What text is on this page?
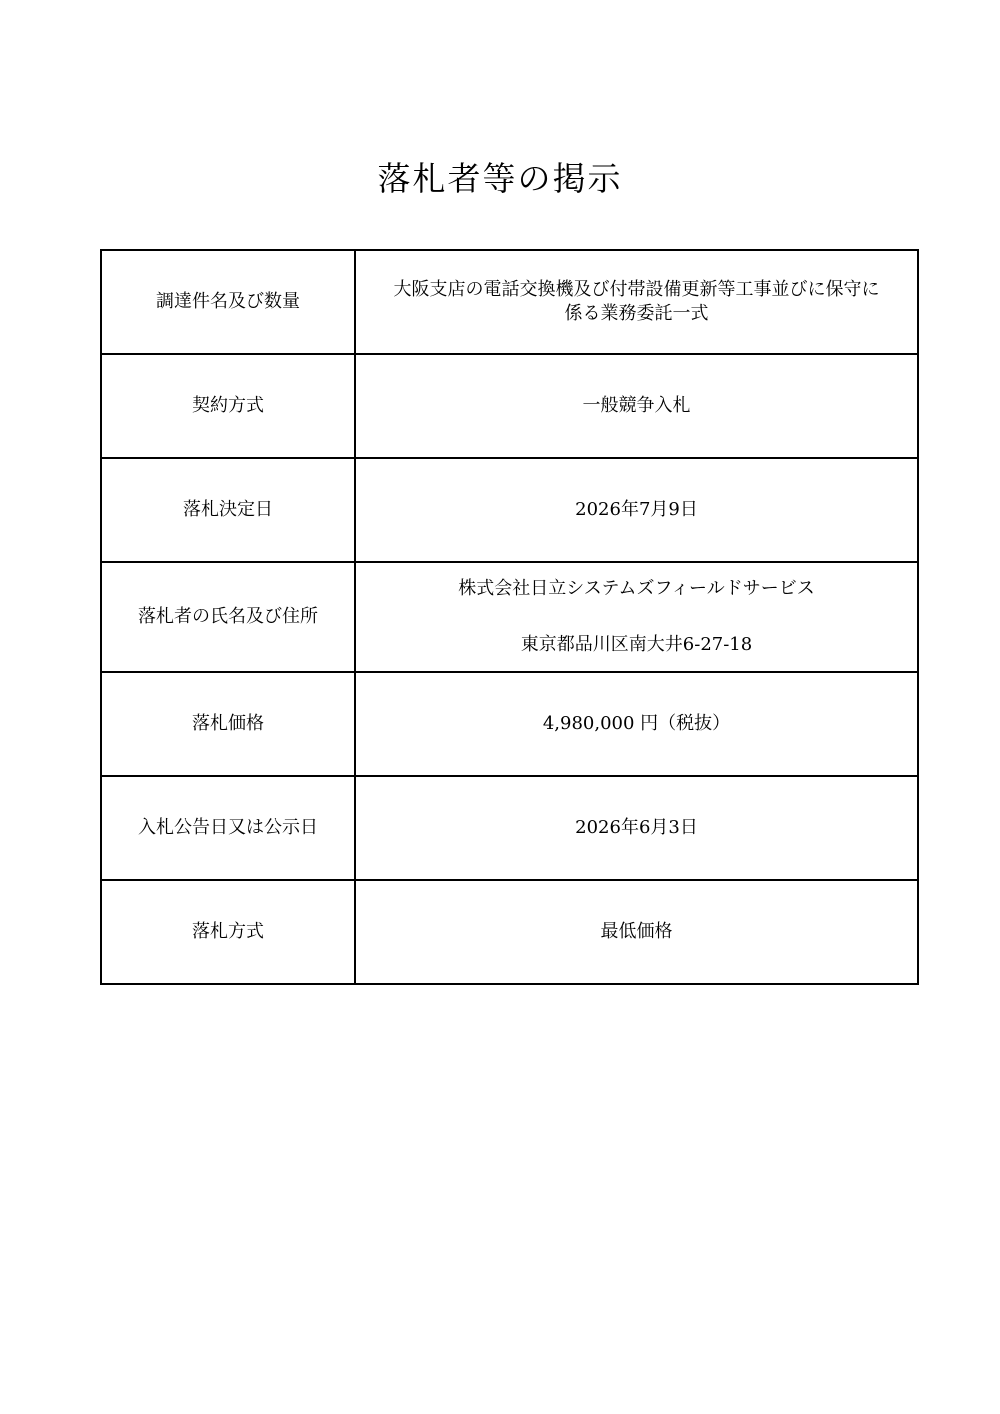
落札者等の掲示
調達件名及び数量	大阪支店の電話交換機及び付帯設備更新等工事並びに保守に
係る業務委託一式

契約方式	一般競争入札
落札決定日	2026年7月9日
落札者の氏名及び住所	株式会社日立システムズフィールドサービス
東京都品川区南大井6-27-18

落札価格	4,980,000 円（税抜）
入札公告日又は公示日	2026年6月3日
落札方式	最低価格
